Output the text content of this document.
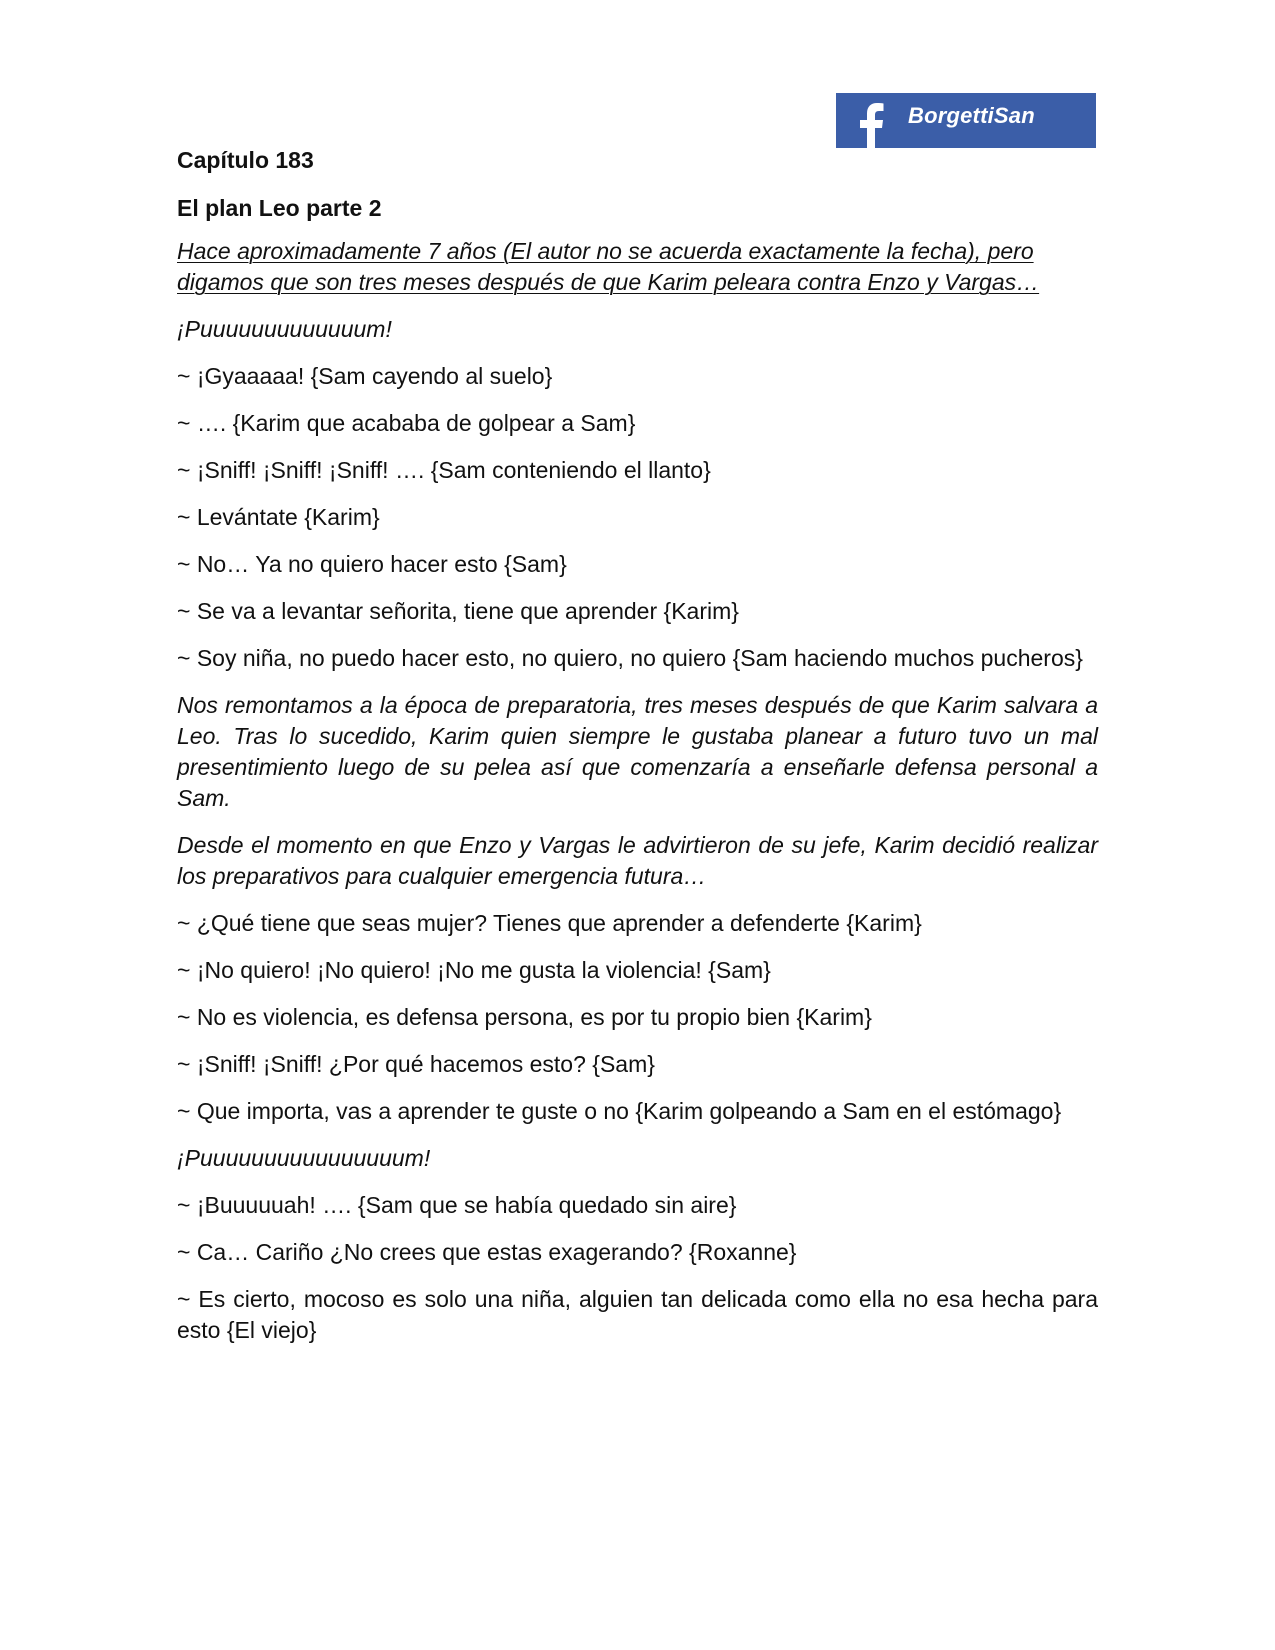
BorgettiSan
Capítulo 183
El plan Leo parte 2

Hace aproximadamente 7 años (El autor no se acuerda exactamente la fecha), pero digamos que son tres meses después de que Karim peleara contra Enzo y Vargas…

¡Puuuuuuuuuuuuum!

~ ¡Gyaaaaa! {Sam cayendo al suelo}

~ …. {Karim que acababa de golpear a Sam}

~ ¡Sniff! ¡Sniff! ¡Sniff! …. {Sam conteniendo el llanto}

~ Levántate {Karim}

~ No… Ya no quiero hacer esto {Sam}

~ Se va a levantar señorita, tiene que aprender {Karim}

~ Soy niña, no puedo hacer esto, no quiero, no quiero {Sam haciendo muchos pucheros}

Nos remontamos a la época de preparatoria, tres meses después de que Karim salvara a Leo. Tras lo sucedido, Karim quien siempre le gustaba planear a futuro tuvo un mal presentimiento luego de su pelea así que comenzaría a enseñarle defensa personal a Sam.

Desde el momento en que Enzo y Vargas le advirtieron de su jefe, Karim decidió realizar los preparativos para cualquier emergencia futura…

~ ¿Qué tiene que seas mujer? Tienes que aprender a defenderte {Karim}

~ ¡No quiero! ¡No quiero! ¡No me gusta la violencia! {Sam}

~ No es violencia, es defensa persona, es por tu propio bien {Karim}

~ ¡Sniff! ¡Sniff! ¿Por qué hacemos esto? {Sam}

~ Que importa, vas a aprender te guste o no {Karim golpeando a Sam en el estómago}

¡Puuuuuuuuuuuuuuuum!

~ ¡Buuuuuah! …. {Sam que se había quedado sin aire}

~ Ca… Cariño ¿No crees que estas exagerando? {Roxanne}

~ Es cierto, mocoso es solo una niña, alguien tan delicada como ella no esa hecha para esto {El viejo}
